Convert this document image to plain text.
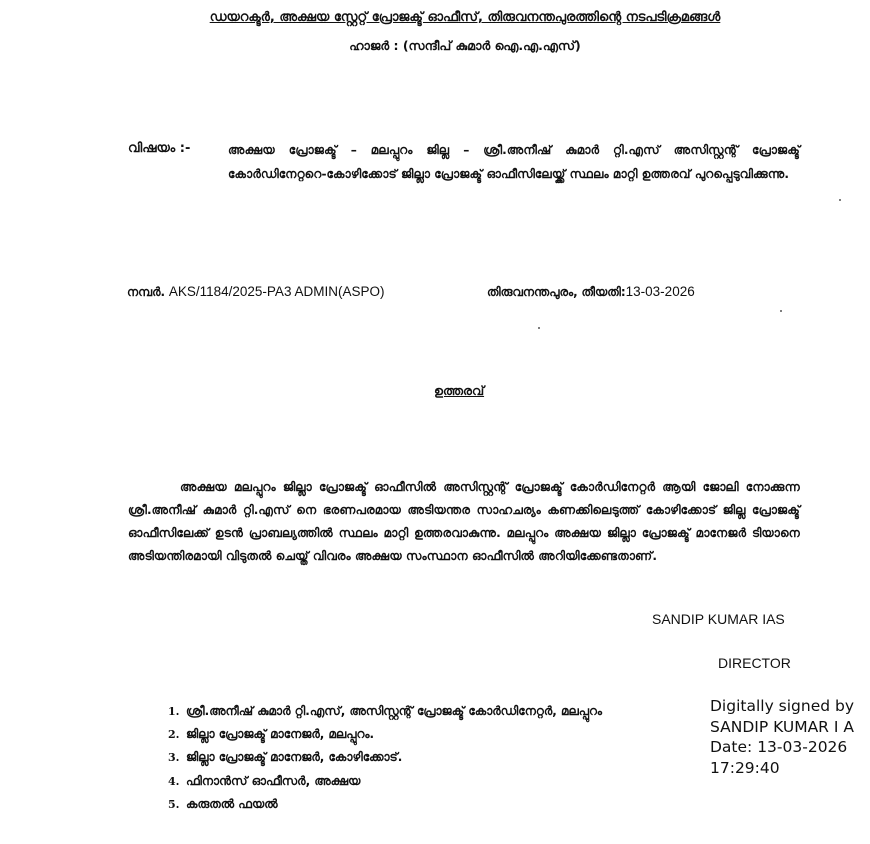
ഡയറക്ടർ, അക്ഷയ സ്റ്റേറ്റ് പ്രോജക്ട് ഓഫീസ്, തിരുവനന്തപുരത്തിന്റെ നടപടിക്രമങ്ങൾ
ഹാജർ : (സന്ദീപ് കുമാർ ഐ.എ.എസ്)
വിഷയം :-	അക്ഷയ പ്രോജക്ട് – മലപ്പുറം ജില്ല – ശ്രീ.അനീഷ് കുമാർ റ്റി.എസ് അസിസ്റ്റന്റ് പ്രോജക്ട് കോർഡിനേറ്ററെ-കോഴിക്കോട് ജില്ലാ പ്രോജക്ട് ഓഫീസിലേയ്ക്ക് സ്ഥലം മാറ്റി ഉത്തരവ് പുറപ്പെടുവിക്കുന്നു.
നമ്പർ. AKS/1184/2025-PA3 ADMIN(ASPO)	തിരുവനന്തപുരം, തീയതി:13-03-2026
ഉത്തരവ്
അക്ഷയ മലപ്പുറം ജില്ലാ പ്രോജക്ട് ഓഫീസിൽ അസിസ്റ്റന്റ് പ്രോജക്ട് കോർഡിനേറ്റർ ആയി ജോലി നോക്കുന്ന ശ്രീ.അനീഷ് കുമാർ റ്റി.എസ് നെ ഭരണപരമായ അടിയന്തര സാഹചര്യം കണക്കിലെടുത്ത് കോഴിക്കോട് ജില്ല പ്രോജക്ട് ഓഫീസിലേക്ക് ഉടൻ പ്രാബല്യത്തിൽ സ്ഥലം മാറ്റി ഉത്തരവാകുന്നു. മലപ്പുറം അക്ഷയ ജില്ലാ പ്രോജക്ട് മാനേജർ ടിയാനെ അടിയന്തിരമായി വിടുതൽ ചെയ്ത് വിവരം അക്ഷയ സംസ്ഥാന ഓഫീസിൽ അറിയിക്കേണ്ടതാണ്.
SANDIP KUMAR IAS
DIRECTOR
1. ശ്രീ.അനീഷ് കുമാർ റ്റി.എസ്, അസിസ്റ്റന്റ് പ്രോജക്ട് കോർഡിനേറ്റർ, മലപ്പുറം
2. ജില്ലാ പ്രോജക്ട് മാനേജർ, മലപ്പുറം.
3. ജില്ലാ പ്രോജക്ട് മാനേജർ, കോഴിക്കോട്.
4. ഫിനാൻസ് ഓഫീസർ, അക്ഷയ
5. കരുതൽ ഫയൽ
Digitally signed by
SANDIP KUMAR I A
Date: 13-03-2026
17:29:40
